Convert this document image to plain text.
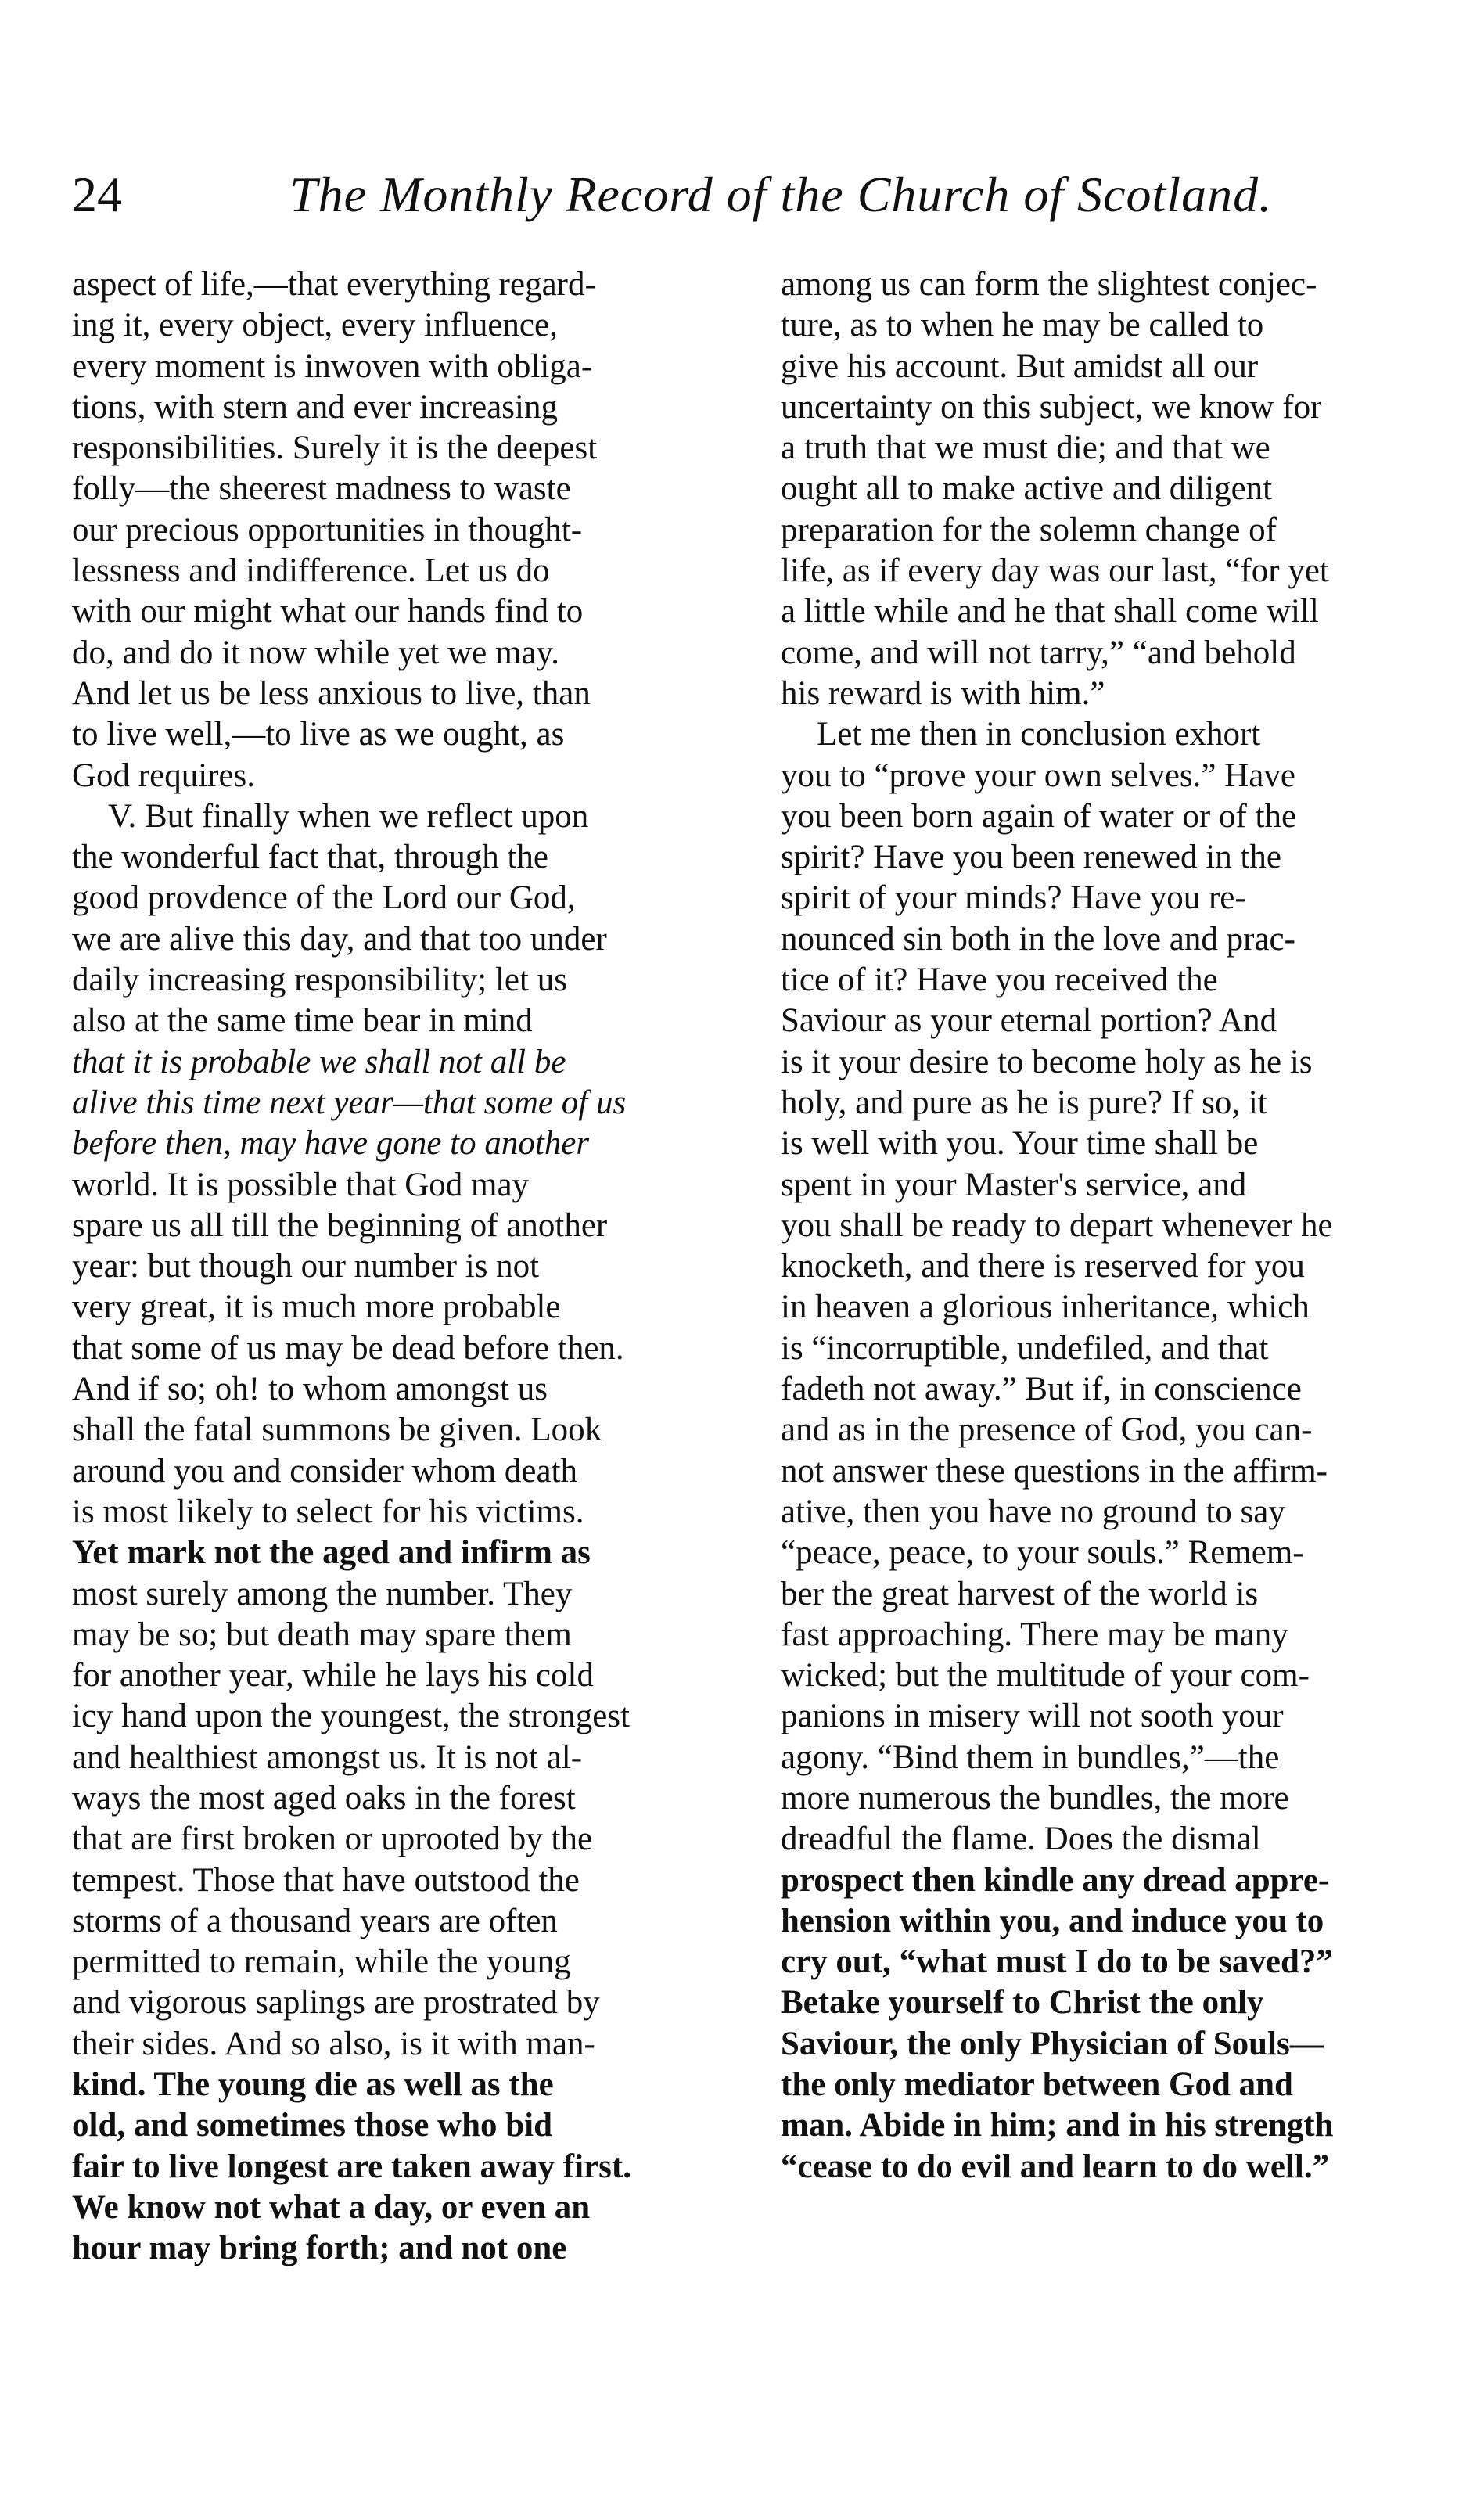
24	The Monthly Record of the Church of Scotland.
aspect of life,—that everything regard-
ing it, every object, every influence,
every moment is inwoven with obliga-
tions, with stern and ever increasing
responsibilities. Surely it is the deepest
folly—the sheerest madness to waste
our precious opportunities in thought-
lessness and indifference. Let us do
with our might what our hands find to
do, and do it now while yet we may.
And let us be less anxious to live, than
to live well,—to live as we ought, as
God requires.
V. But finally when we reflect upon
the wonderful fact that, through the
good provdence of the Lord our God,
we are alive this day, and that too under
daily increasing responsibility; let us
also at the same time bear in mind
that it is probable we shall not all be
alive this time next year—that some of us
before then, may have gone to another
world. It is possible that God may
spare us all till the beginning of another
year: but though our number is not
very great, it is much more probable
that some of us may be dead before then.
And if so; oh! to whom amongst us
shall the fatal summons be given. Look
around you and consider whom death
is most likely to select for his victims.
Yet mark not the aged and infirm as
most surely among the number. They
may be so; but death may spare them
for another year, while he lays his cold
icy hand upon the youngest, the strongest
and healthiest amongst us. It is not al-
ways the most aged oaks in the forest
that are first broken or uprooted by the
tempest. Those that have outstood the
storms of a thousand years are often
permitted to remain, while the young
and vigorous saplings are prostrated by
their sides. And so also, is it with man-
kind. The young die as well as the
old, and sometimes those who bid
fair to live longest are taken away first.
We know not what a day, or even an
hour may bring forth; and not one
among us can form the slightest conjec-
ture, as to when he may be called to
give his account. But amidst all our
uncertainty on this subject, we know for
a truth that we must die; and that we
ought all to make active and diligent
preparation for the solemn change of
life, as if every day was our last, “for yet
a little while and he that shall come will
come, and will not tarry,” “and behold
his reward is with him.”
Let me then in conclusion exhort
you to “prove your own selves.” Have
you been born again of water or of the
spirit? Have you been renewed in the
spirit of your minds? Have you re-
nounced sin both in the love and prac-
tice of it? Have you received the
Saviour as your eternal portion? And
is it your desire to become holy as he is
holy, and pure as he is pure? If so, it
is well with you. Your time shall be
spent in your Master's service, and
you shall be ready to depart whenever he
knocketh, and there is reserved for you
in heaven a glorious inheritance, which
is “incorruptible, undefiled, and that
fadeth not away.” But if, in conscience
and as in the presence of God, you can-
not answer these questions in the affirm-
ative, then you have no ground to say
“peace, peace, to your souls.” Remem-
ber the great harvest of the world is
fast approaching. There may be many
wicked; but the multitude of your com-
panions in misery will not sooth your
agony. “Bind them in bundles,”—the
more numerous the bundles, the more
dreadful the flame. Does the dismal
prospect then kindle any dread appre-
hension within you, and induce you to
cry out, “what must I do to be saved?”
Betake yourself to Christ the only
Saviour, the only Physician of Souls—
the only mediator between God and
man. Abide in him; and in his strength
“cease to do evil and learn to do well.”
